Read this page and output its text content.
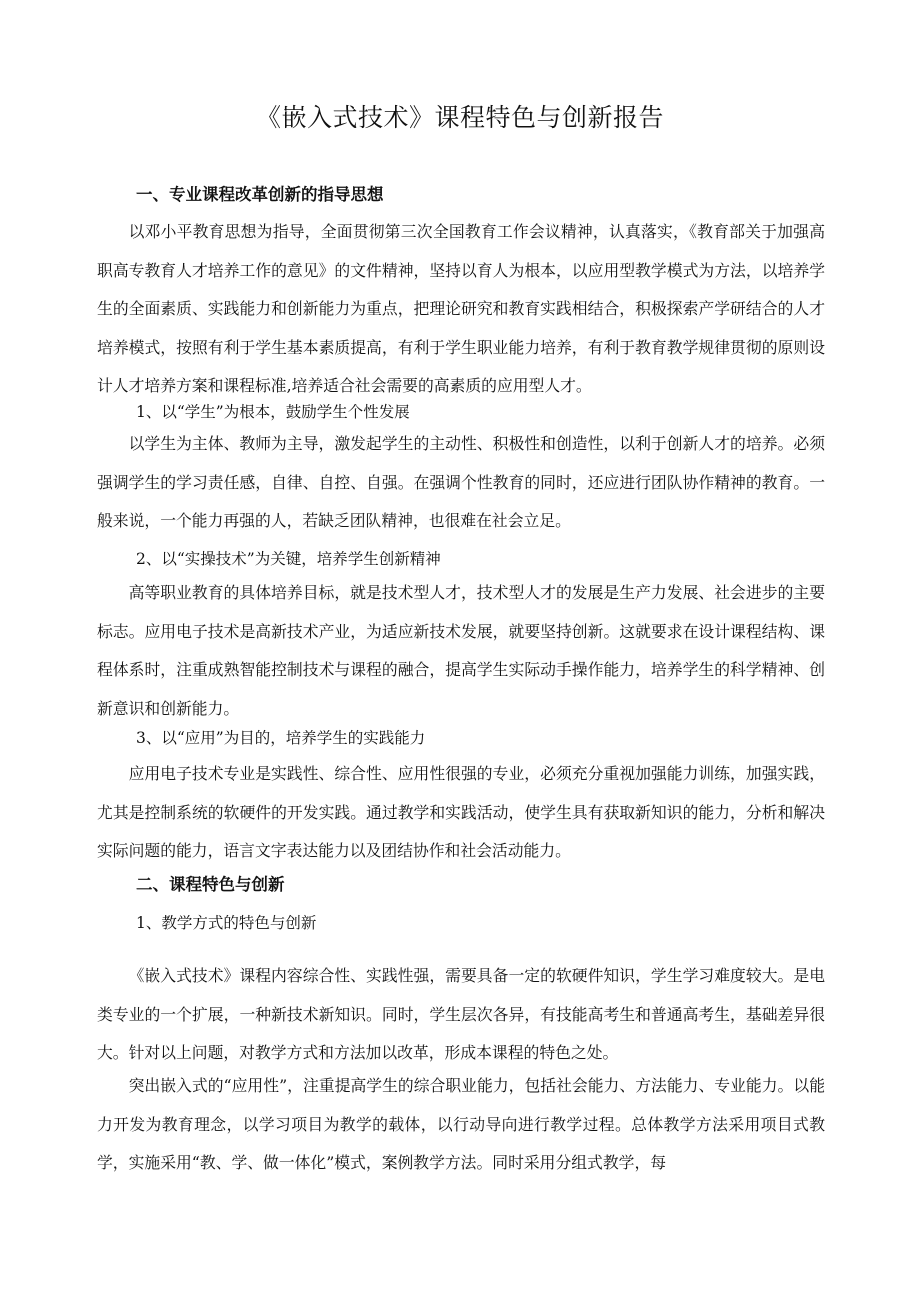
《嵌入式技术》课程特色与创新报告
一、专业课程改革创新的指导思想

以邓小平教育思想为指导，全面贯彻第三次全国教育工作会议精神，认真落实，《教育部关于加强高职高专教育人才培养工作的意见》的文件精神，坚持以育人为根本，以应用型教学模式为方法，以培养学生的全面素质、实践能力和创新能力为重点，把理论研究和教育实践相结合，积极探索产学研结合的人才培养模式，按照有利于学生基本素质提高，有利于学生职业能力培养，有利于教育教学规律贯彻的原则设计人才培养方案和课程标准,培养适合社会需要的高素质的应用型人才。

1、以“学生”为根本，鼓励学生个性发展

以学生为主体、教师为主导，激发起学生的主动性、积极性和创造性，以利于创新人才的培养。必须强调学生的学习责任感，自律、自控、自强。在强调个性教育的同时，还应进行团队协作精神的教育。一般来说，一个能力再强的人，若缺乏团队精神，也很难在社会立足。

2、以“实操技术”为关键，培养学生创新精神

高等职业教育的具体培养目标，就是技术型人才，技术型人才的发展是生产力发展、社会进步的主要标志。应用电子技术是高新技术产业，为适应新技术发展，就要坚持创新。这就要求在设计课程结构、课程体系时，注重成熟智能控制技术与课程的融合，提高学生实际动手操作能力，培养学生的科学精神、创新意识和创新能力。

3、以“应用”为目的，培养学生的实践能力

应用电子技术专业是实践性、综合性、应用性很强的专业，必须充分重视加强能力训练，加强实践，尤其是控制系统的软硬件的开发实践。通过教学和实践活动，使学生具有获取新知识的能力，分析和解决实际问题的能力，语言文字表达能力以及团结协作和社会活动能力。

二、课程特色与创新
1、教学方式的特色与创新

《嵌入式技术》课程内容综合性、实践性强，需要具备一定的软硬件知识，学生学习难度较大。是电类专业的一个扩展，一种新技术新知识。同时，学生层次各异，有技能高考生和普通高考生，基础差异很大。针对以上问题，对教学方式和方法加以改革，形成本课程的特色之处。

突出嵌入式的“应用性”，注重提高学生的综合职业能力，包括社会能力、方法能力、专业能力。以能力开发为教育理念，以学习项目为教学的载体，以行动导向进行教学过程。总体教学方法采用项目式教学，实施采用“教、学、做一体化”模式，案例教学方法。同时采用分组式教学，每
